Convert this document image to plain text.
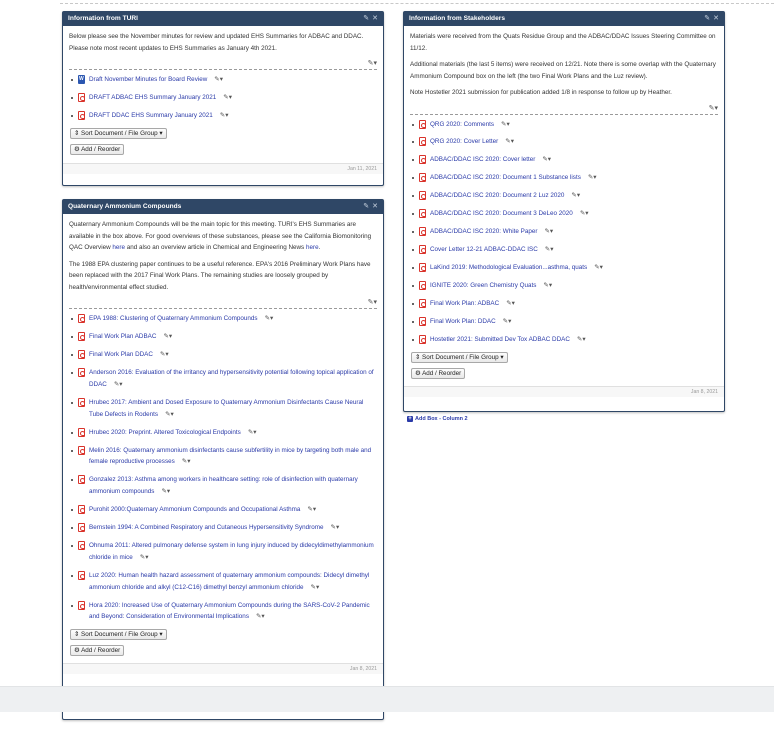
Information from TURI	✎ ✕

Below please see the November minutes for review and updated EHS Summaries for ADBAC and DDAC. Please note most recent updates to EHS Summaries as January 4th 2021.

✎▾
W
Draft November Minutes for Board Review ✎▾
DRAFT ADBAC EHS Summary January 2021 ✎▾
DRAFT DDAC EHS Summary January 2021 ✎▾
⇕ Sort Document / File Group ▾
⚙ Add / Reorder
Jan 11, 2021
Quaternary Ammonium Compounds	✎ ✕

Quaternary Ammonium Compounds will be the main topic for this meeting. TURI's EHS Summaries are available in the box above. For good overviews of these substances, please see the California Biomonitoring QAC Overview here and also an overview article in Chemical and Engineering News here.

The 1988 EPA clustering paper continues to be a useful reference. EPA's 2016 Preliminary Work Plans have been replaced with the 2017 Final Work Plans. The remaining studies are loosely grouped by health/environmental effect studied.

✎▾
EPA 1988: Clustering of Quaternary Ammonium Compounds ✎▾
Final Work Plan ADBAC ✎▾
Final Work Plan DDAC ✎▾
Anderson 2016: Evaluation of the irritancy and hypersensitivity potential following topical application of DDAC ✎▾
Hrubec 2017: Ambient and Dosed Exposure to Quaternary Ammonium Disinfectants Cause Neural Tube Defects in Rodents ✎▾
Hrubec 2020: Preprint. Altered Toxicological Endpoints ✎▾
Melin 2016: Quaternary ammonium disinfectants cause subfertility in mice by targeting both male and female reproductive processes ✎▾
Gonzalez 2013: Asthma among workers in healthcare setting: role of disinfection with quaternary ammonium compounds ✎▾
Purohit 2000:Quaternary Ammonium Compounds and Occupational Asthma ✎▾
Bernstein 1994: A Combined Respiratory and Cutaneous Hypersensitivity Syndrome ✎▾
Ohnuma 2011: Altered pulmonary defense system in lung injury induced by didecyldimethylammonium chloride in mice ✎▾
Luz 2020: Human health hazard assessment of quaternary ammonium compounds: Didecyl dimethyl ammonium chloride and alkyl (C12-C16) dimethyl benzyl ammonium chloride ✎▾
Hora 2020: Increased Use of Quaternary Ammonium Compounds during the SARS-CoV-2 Pandemic and Beyond: Consideration of Environmental Implications ✎▾
⇕ Sort Document / File Group ▾
⚙ Add / Reorder
Jan 8, 2021
Information from Stakeholders	✎ ✕

Materials were received from the Quats Residue Group and the ADBAC/DDAC Issues Steering Committee on 11/12.

Additional materials (the last 5 items) were received on 12/21. Note there is some overlap with the Quaternary Ammonium Compound box on the left (the two Final Work Plans and the Luz review).

Note Hostetler 2021 submission for publication added 1/8 in response to follow up by Heather.

✎▾
QRG 2020: Comments ✎▾
QRG 2020: Cover Letter ✎▾
ADBAC/DDAC ISC 2020: Cover letter ✎▾
ADBAC/DDAC ISC 2020: Document 1 Substance lists ✎▾
ADBAC/DDAC ISC 2020: Document 2 Luz 2020 ✎▾
ADBAC/DDAC ISC 2020: Document 3 DeLeo 2020 ✎▾
ADBAC/DDAC ISC 2020: White Paper ✎▾
Cover Letter 12-21 ADBAC-DDAC ISC ✎▾
LaKind 2019: Methodological Evaluation...asthma, quats ✎▾
IGNITE 2020: Green Chemistry Quats ✎▾
Final Work Plan: ADBAC ✎▾
Final Work Plan: DDAC ✎▾
Hostetler 2021: Submitted Dev Tox ADBAC DDAC ✎▾
⇕ Sort Document / File Group ▾
⚙ Add / Reorder
Jan 8, 2021
+ Add Box - Column 2
